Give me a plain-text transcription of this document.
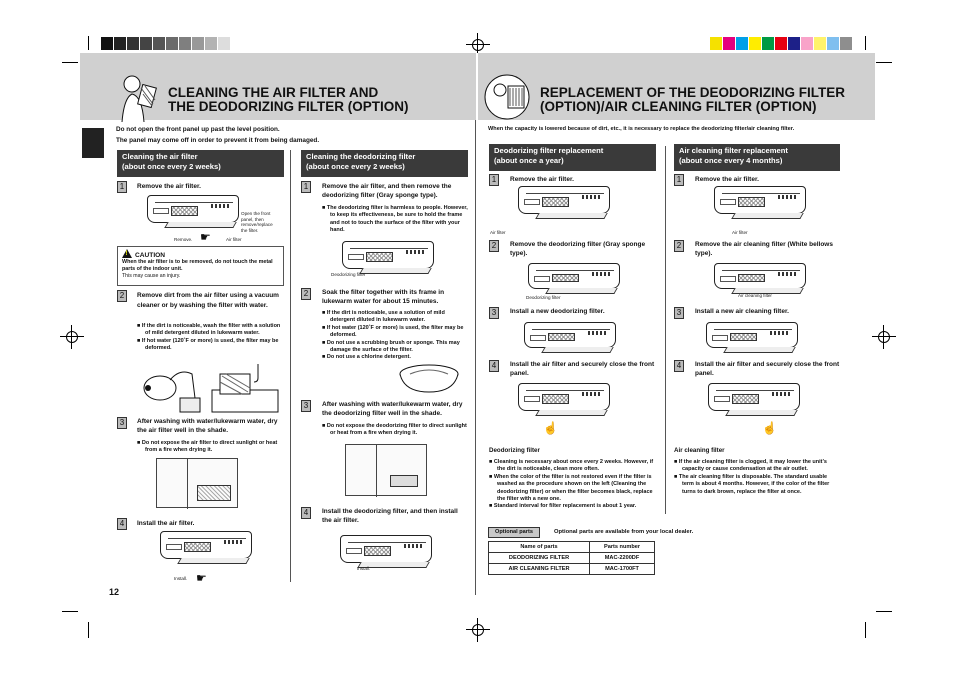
CLEANING THE AIR FILTER AND
THE DEODORIZING FILTER (OPTION)
REPLACEMENT OF THE DEODORIZING FILTER
(OPTION)/AIR CLEANING FILTER (OPTION)
Do not open the front panel up past the level position.
The panel may come off in order to prevent it from being damaged.
When the capacity is lowered because of dirt, etc., it is necessary to replace the deodorizing filter/air cleaning filter.
Cleaning the air filter
(about once every 2 weeks)
1	Remove the air filter.
☛
Remove.	Air filter
Open the front
panel, then
remove/replace
the filter.
!CAUTION
When the air filter is to be removed, do not touch the metal parts of the indoor unit.
This may cause an injury.
2	Remove dirt from the air filter using a vacuum cleaner or by washing the filter with water.

■ If the dirt is noticeable, wash the filter with a solution of mild detergent diluted in lukewarm water.

■ If hot water (120˚F or more) is used, the filter may be deformed.

3	After washing with water/lukewarm water, dry the air filter well in the shade.

■ Do not expose the air filter to direct sunlight or heat from a fire when drying it.

4	Install the air filter.
☛
Install.
Cleaning the deodorizing filter
(about once every 2 weeks)
1	Remove the air filter, and then remove the deodorizing filter (Gray sponge type).

■ The deodorizing filter is harmless to people. However, to keep its effectiveness, be sure to hold the frame and not to touch the surface of the filter with your hand.

Deodorizing filter
2	Soak the filter together with its frame in lukewarm water for about 15 minutes.

■ If the dirt is noticeable, use a solution of mild detergent diluted in lukewarm water.

■ If hot water (120˚F or more) is used, the filter may be deformed.

■ Do not use a scrubbing brush or sponge. This may damage the surface of the filter.

■ Do not use a chlorine detergent.

3	After washing with water/lukewarm water, dry the deodorizing filter well in the shade.

■ Do not expose the deodorizing filter to direct sunlight or heat from a fire when drying it.

4	Install the deodorizing filter, and then install the air filter.
Install.
Deodorizing filter replacement
(about once a year)
1	Remove the air filter.
Air filter
2	Remove the deodorizing filter (Gray sponge type).
Deodorizing filter
3	Install a new deodorizing filter.
4	Install the air filter and securely close the front panel.
☝
Deodorizing filter

■ Cleaning is necessary about once every 2 weeks. However, if the dirt is noticeable, clean more often.

■ When the color of the filter is not restored even if the filter is washed as the procedure shown on the left (Cleaning the deodorizing filter) or when the filter becomes black, replace the filter with a new one.

■ Standard interval for filter replacement is about 1 year.

Air cleaning filter replacement
(about once every 4 months)
1	Remove the air filter.
Air filter
2	Remove the air cleaning filter (White bellows type).
Air cleaning filter
3	Install a new air cleaning filter.
4	Install the air filter and securely close the front panel.
☝
Air cleaning filter

■ If the air cleaning filter is clogged, it may lower the unit’s capacity or cause condensation at the air outlet.

■ The air cleaning filter is disposable. The standard usable term is about 4 months. However, if the color of the filter turns to dark brown, replace the filter at once.

Optional parts	Optional parts are available from your local dealer.
Name of parts	Parts number
DEODORIZING FILTER	MAC-2200DF
AIR CLEANING FILTER	MAC-1700FT
12
